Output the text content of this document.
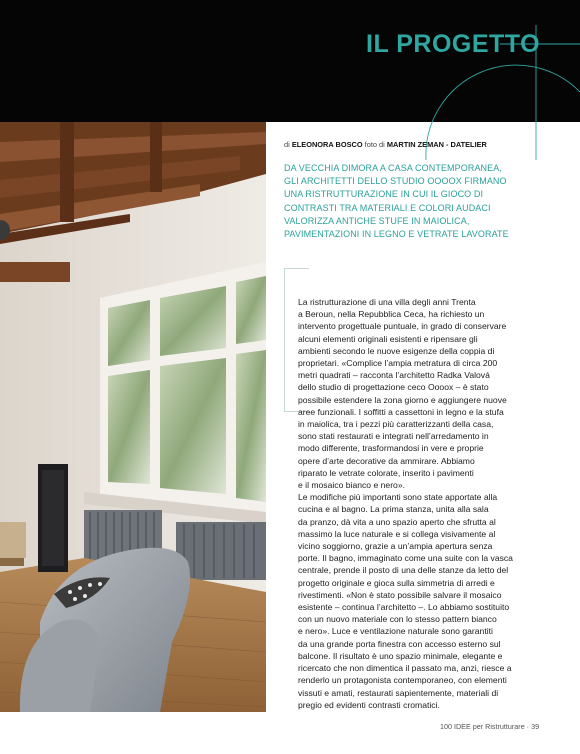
IL PROGETTO
di ELEONORA BOSCO foto di MARTIN ZEMAN - DATELIER
DA VECCHIA DIMORA A CASA CONTEMPORANEA,
GLI ARCHITETTI DELLO STUDIO OOOOX FIRMANO
UNA RISTRUTTURAZIONE IN CUI IL GIOCO DI
CONTRASTI TRA MATERIALI E COLORI AUDACI
VALORIZZA ANTICHE STUFE IN MAIOLICA,
PAVIMENTAZIONI IN LEGNO E VETRATE LAVORATE
La ristrutturazione di una villa degli anni Trenta
a Beroun, nella Repubblica Ceca, ha richiesto un
intervento progettuale puntuale, in grado di conservare
alcuni elementi originali esistenti e ripensare gli
ambienti secondo le nuove esigenze della coppia di
proprietari. «Complice l’ampia metratura di circa 200
metri quadrati – racconta l’architetto Radka Valová
dello studio di progettazione ceco Ooоox – è stato
possibile estendere la zona giorno e aggiungere nuove
aree funzionali. I soffitti a cassettoni in legno e la stufa
in maiolica, tra i pezzi più caratterizzanti della casa,
sono stati restaurati e integrati nell’arredamento in
modo differente, trasformandosi in vere e proprie
opere d’arte decorative da ammirare. Abbiamo
riparato le vetrate colorate, inserito i pavimenti
e il mosaico bianco e nero».
Le modifiche più importanti sono state apportate alla
cucina e al bagno. La prima stanza, unita alla sala
da pranzo, dà vita a uno spazio aperto che sfrutta al
massimo la luce naturale e si collega visivamente al
vicino soggiorno, grazie a un’ampia apertura senza
porte. Il bagno, immaginato come una suite con la vasca
centrale, prende il posto di una delle stanze da letto del
progetto originale e gioca sulla simmetria di arredi e
rivestimenti. «Non è stato possibile salvare il mosaico
esistente – continua l’architetto –. Lo abbiamo sostituito
con un nuovo materiale con lo stesso pattern bianco
e nero». Luce e ventilazione naturale sono garantiti
da una grande porta finestra con accesso esterno sul
balcone. Il risultato è uno spazio minimale, elegante e
ricercato che non dimentica il passato ma, anzi, riesce a
renderlo un protagonista contemporaneo, con elementi
vissuti e amati, restaurati sapientemente, materiali di
pregio ed evidenti contrasti cromatici.
100 IDEE per Ristrutturare · 39
